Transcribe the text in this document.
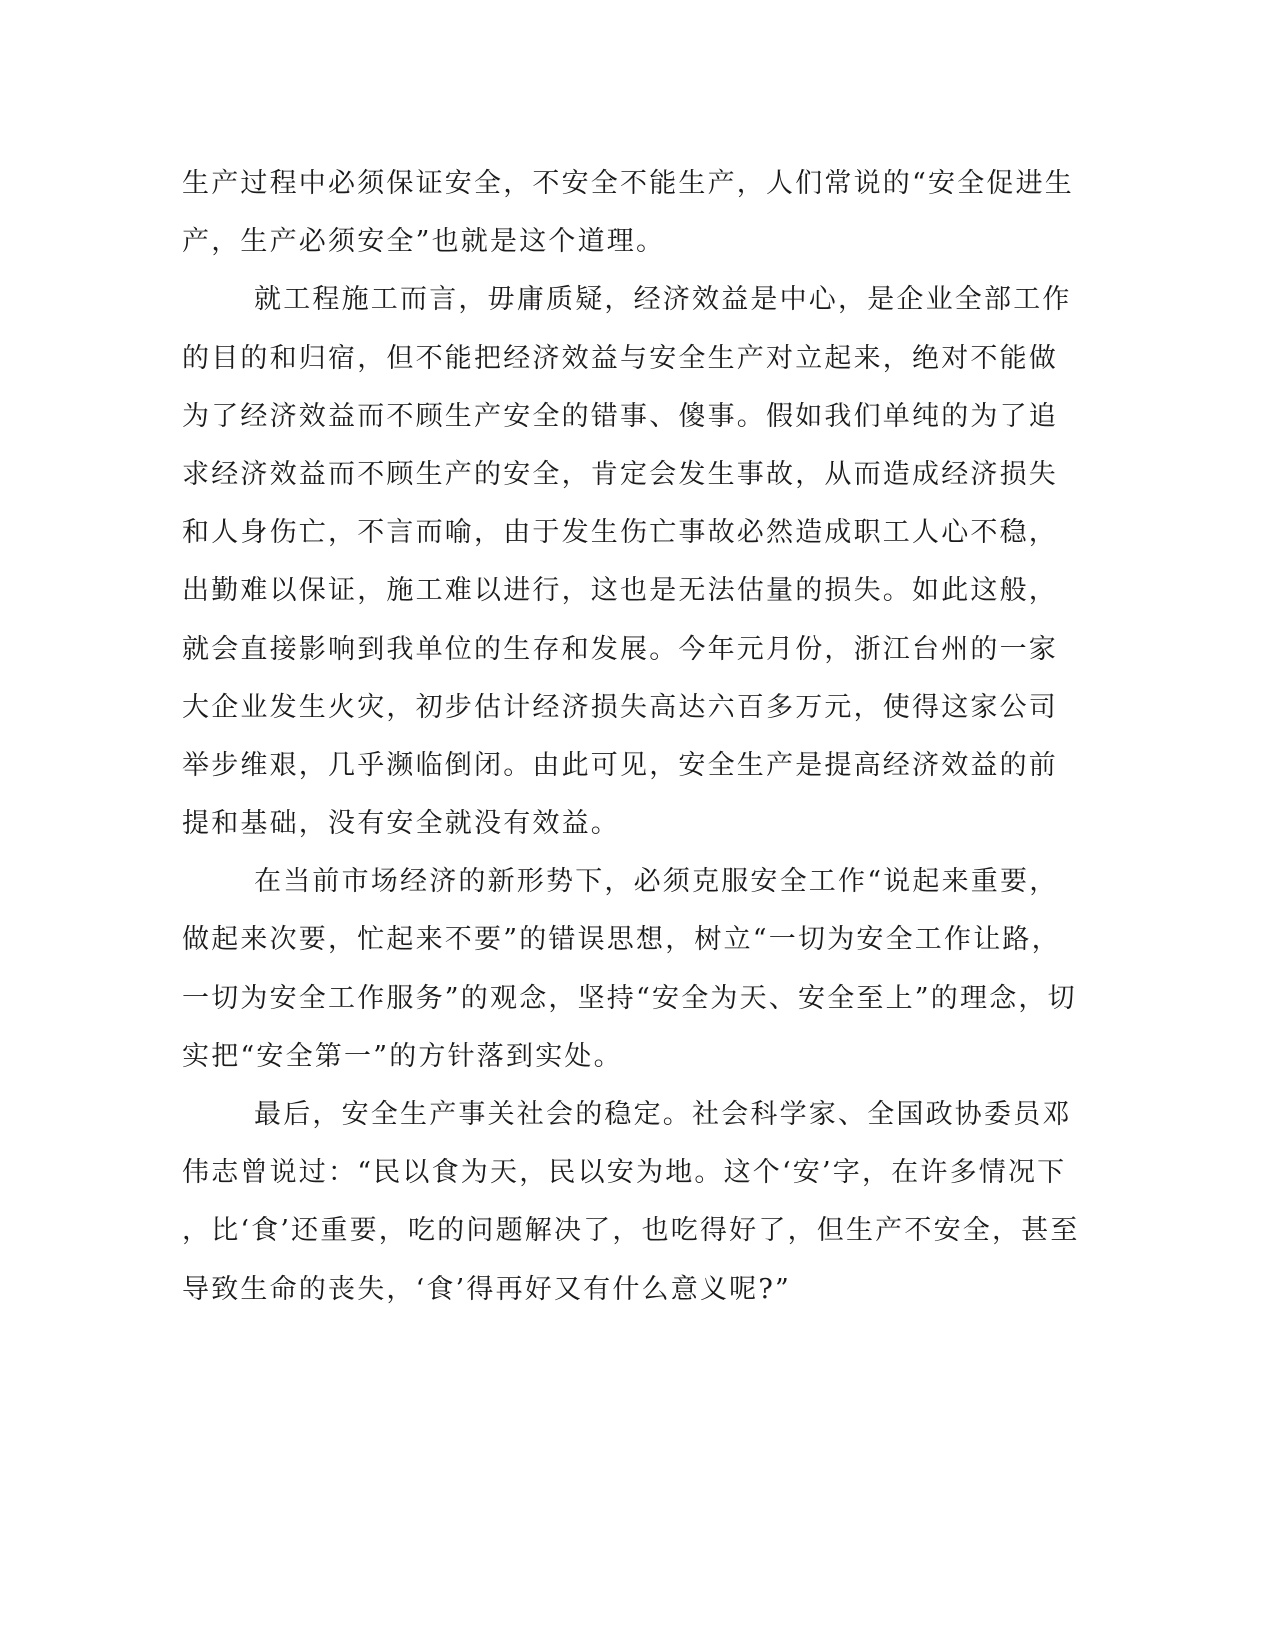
生产过程中必须保证安全，不安全不能生产，人们常说的“安全促进生
产，生产必须安全”也就是这个道理。
就工程施工而言，毋庸质疑，经济效益是中心，是企业全部工作
的目的和归宿，但不能把经济效益与安全生产对立起来，绝对不能做
为了经济效益而不顾生产安全的错事、傻事。假如我们单纯的为了追
求经济效益而不顾生产的安全，肯定会发生事故，从而造成经济损失
和人身伤亡，不言而喻，由于发生伤亡事故必然造成职工人心不稳，
出勤难以保证，施工难以进行，这也是无法估量的损失。如此这般，
就会直接影响到我单位的生存和发展。今年元月份，浙江台州的一家
大企业发生火灾，初步估计经济损失高达六百多万元，使得这家公司
举步维艰，几乎濒临倒闭。由此可见，安全生产是提高经济效益的前
提和基础，没有安全就没有效益。
在当前市场经济的新形势下，必须克服安全工作“说起来重要，
做起来次要，忙起来不要”的错误思想，树立“一切为安全工作让路，
一切为安全工作服务”的观念，坚持“安全为天、安全至上”的理念，切
实把“安全第一”的方针落到实处。
最后，安全生产事关社会的稳定。社会科学家、全国政协委员邓
伟志曾说过：“民以食为天，民以安为地。这个‘安’字，在许多情况下
，比‘食’还重要，吃的问题解决了，也吃得好了，但生产不安全，甚至
导致生命的丧失，‘食’得再好又有什么意义呢?”
